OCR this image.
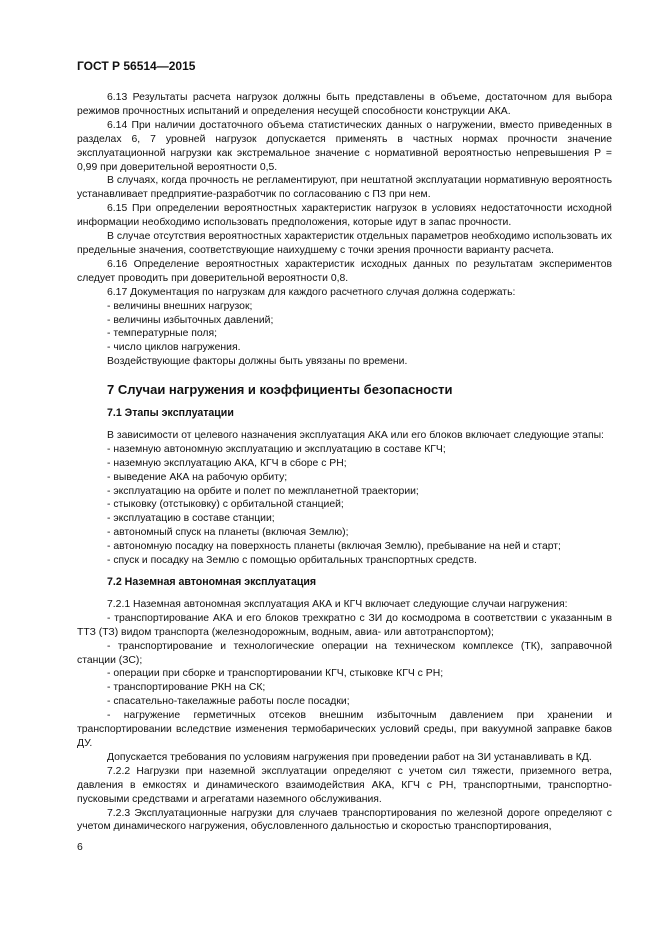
ГОСТ Р 56514—2015

6.13 Результаты расчета нагрузок должны быть представлены в объеме, достаточном для выбора режимов прочностных испытаний и определения несущей способности конструкции АКА.

6.14 При наличии достаточного объема статистических данных о нагружении, вместо приведенных в разделах 6, 7 уровней нагрузок допускается применять в частных нормах прочности значение эксплуатационной нагрузки как экстремальное значение с нормативной вероятностью непревышения P = 0,99 при доверительной вероятности 0,5.

В случаях, когда прочность не регламентируют, при нештатной эксплуатации нормативную вероятность устанавливает предприятие-разработчик по согласованию с ПЗ при нем.

6.15 При определении вероятностных характеристик нагрузок в условиях недостаточности исходной информации необходимо использовать предположения, которые идут в запас прочности.

В случае отсутствия вероятностных характеристик отдельных параметров необходимо использовать их предельные значения, соответствующие наихудшему с точки зрения прочности варианту расчета.

6.16 Определение вероятностных характеристик исходных данных по результатам экспериментов следует проводить при доверительной вероятности 0,8.

6.17 Документация по нагрузкам для каждого расчетного случая должна содержать:

- величины внешних нагрузок;

- величины избыточных давлений;

- температурные поля;

- число циклов нагружения.

Воздействующие факторы должны быть увязаны по времени.

7 Случаи нагружения и коэффициенты безопасности
7.1 Этапы эксплуатации

В зависимости от целевого назначения эксплуатация АКА или его блоков включает следующие этапы:

- наземную автономную эксплуатацию и эксплуатацию в составе КГЧ;

- наземную эксплуатацию АКА, КГЧ в сборе с РН;

- выведение АКА на рабочую орбиту;

- эксплуатацию на орбите и полет по межпланетной траектории;

- стыковку (отстыковку) с орбитальной станцией;

- эксплуатацию в составе станции;

- автономный спуск на планеты (включая Землю);

- автономную посадку на поверхность планеты (включая Землю), пребывание на ней и старт;

- спуск и посадку на Землю с помощью орбитальных транспортных средств.

7.2 Наземная автономная эксплуатация

7.2.1 Наземная автономная эксплуатация АКА и КГЧ включает следующие случаи нагружения:

- транспортирование АКА и его блоков трехкратно с ЗИ до космодрома в соответствии с указанным в ТТЗ (ТЗ) видом транспорта (железнодорожным, водным, авиа- или автотранспортом);

- транспортирование и технологические операции на техническом комплексе (ТК), заправочной станции (ЗС);

- операции при сборке и транспортировании КГЧ, стыковке КГЧ с РН;

- транспортирование РКН на СК;

- спасательно-такелажные работы после посадки;

- нагружение герметичных отсеков внешним избыточным давлением при хранении и транспортировании вследствие изменения термобарических условий среды, при вакуумной заправке баков ДУ.

Допускается требования по условиям нагружения при проведении работ на ЗИ устанавливать в КД.

7.2.2 Нагрузки при наземной эксплуатации определяют с учетом сил тяжести, приземного ветра, давления в емкостях и динамического взаимодействия АКА, КГЧ с РН, транспортными, транспортно-пусковыми средствами и агрегатами наземного обслуживания.

7.2.3 Эксплуатационные нагрузки для случаев транспортирования по железной дороге определяют с учетом динамического нагружения, обусловленного дальностью и скоростью транспортирования,

6
